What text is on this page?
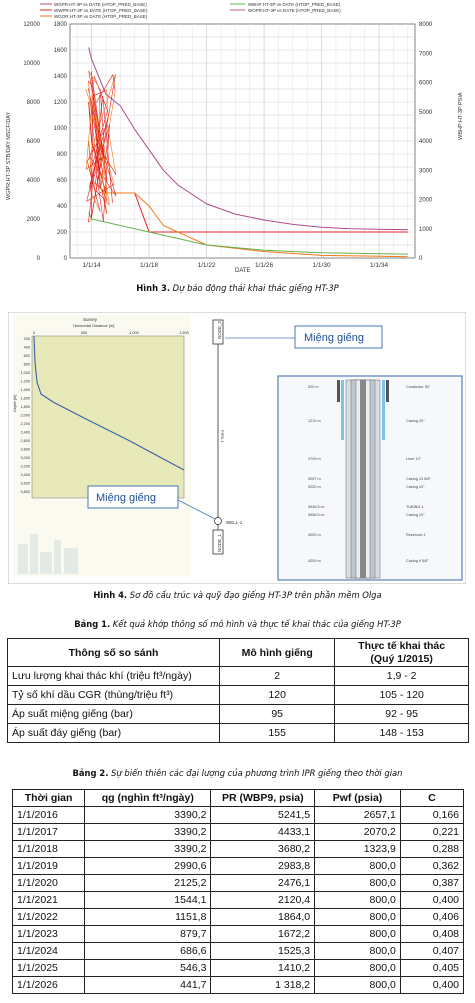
WGPR:HT-3P vs DATE (HTOP_PRED_BASE)
WWPR:HT-3P vs DATE (HTOP_PRED_BASE)
WGOR:HT-3P vs DATE (HTOP_PRED_BASE)
WBHP:HT-3P vs DATE (HTOP_PRED_BASE)
WOPR:HT-3P vs DATE (HTOP_PRED_BASE)
0
200
400
600
800
1000
1200
1400
1600
1800
0
2000
4000
6000
8000
10000
12000
0
1000
2000
3000
4000
5000
6000
7000
8000
1/1/14	1/1/18	1/1/22	1/1/26	1/1/30	1/1/34
WGPR:HT-3P STB/DAY MSCF/DAY	WBHP:HT-3P PSIA
DATE
Hình 3. Dự báo động thái khai thác giếng HT-3P
Survey
Horizontal Distance [m]
0	500	1,000	1,500
200
400
600
800
1,000
1,200
1,400
1,600
1,800
2,000
2,200
2,400
2,600
2,800
3,000
3,200
3,400
3,600
3,800
Depth [m]
NODE_2
PIPE-1
WELL-1
NODE_1
Miệng giếng
Miệng giếng
320 m
1210 m
2709 m
3057 m
3250 m
3946.5 m
3956.5 m
4000 m
4200 m
Conductor 30"
Casing 20"
Liner 10"
Casing 13 5/8"
Casing 10"
TUBING-1
Casing 10"
Reservoir-1
Casing 9 5/8"
Hình 4. Sơ đồ cấu trúc và quỹ đạo giếng HT-3P trên phần mềm Olga
Bảng 1. Kết quả khớp thông số mô hình và thực tế khai thác của giếng HT-3P
Thông số so sánh	Mô hình giếng	Thực tế khai thác
(Quý 1/2015)
Lưu lượng khai thác khí (triệu ft³/ngày)	2	1,9 - 2
Tỷ số khí dầu CGR (thùng/triệu ft³)	120	105 - 120
Áp suất miệng giếng (bar)	95	92 - 95
Áp suất đáy giếng (bar)	155	148 - 153
Bảng 2. Sự biến thiên các đại lượng của phương trình IPR giếng theo thời gian
Thời gian	qg (nghìn ft³/ngày)	PR (WBP9, psia)	Pwf (psia)	C
1/1/2016	3390,2	5241,5	2657,1	0,166
1/1/2017	3390,2	4433,1	2070,2	0,221
1/1/2018	3390,2	3680,2	1323,9	0,288
1/1/2019	2990,6	2983,8	800,0	0,362
1/1/2020	2125,2	2476,1	800,0	0,387
1/1/2021	1544,1	2120,4	800,0	0,400
1/1/2022	1151,8	1864,0	800,0	0,406
1/1/2023	879,7	1672,2	800,0	0,408
1/1/2024	686,6	1525,3	800,0	0,407
1/1/2025	546,3	1410,2	800,0	0,405
1/1/2026	441,7	1 318,2	800,0	0,400
